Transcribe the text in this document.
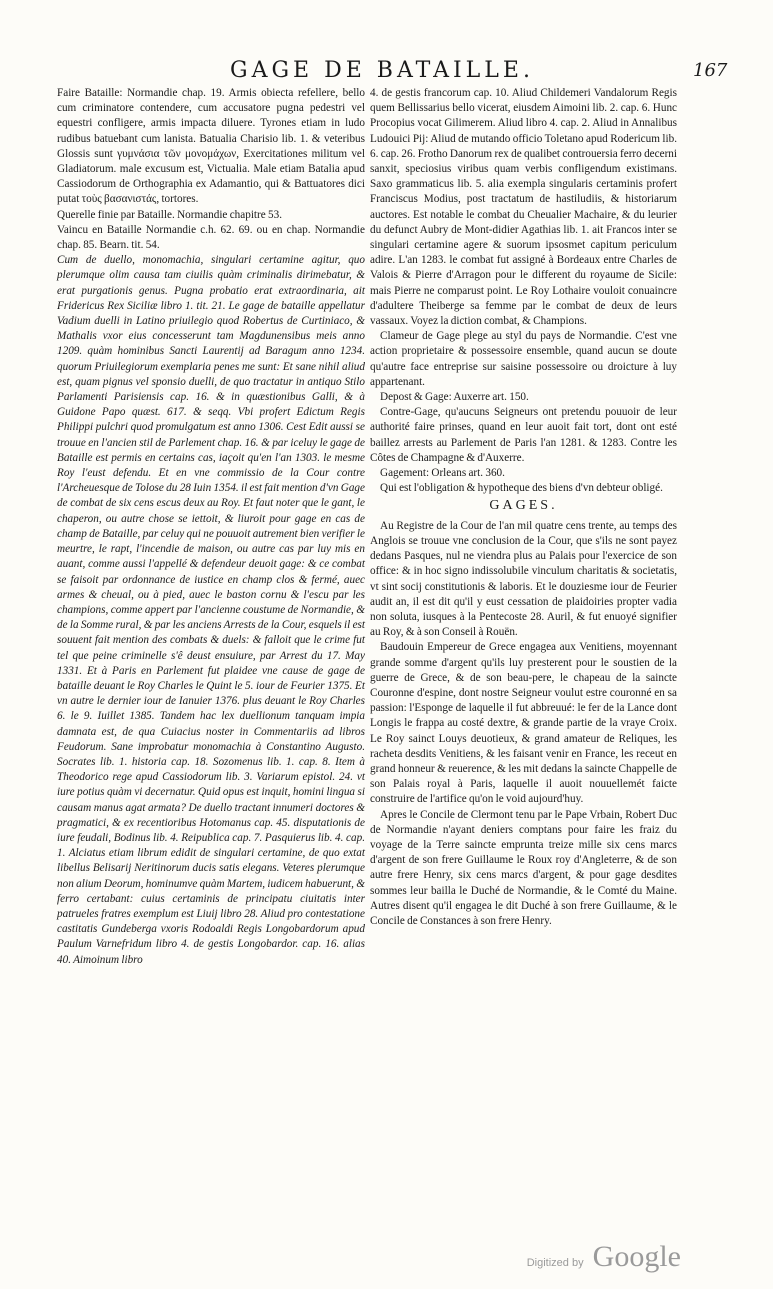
GAGE DE BATAILLE.	167

Faire Bataille: Normandie chap. 19. Armis obiecta refellere, bello cum criminatore contendere, cum accusatore pugna pedestri vel equestri confligere, armis impacta diluere. Tyrones etiam in ludo rudibus batuebant cum lanista. Batualia Charisio lib. 1. & veteribus Glossis sunt γυμνάσια τῶν μονομάχων, Exercitationes militum vel Gladiatorum. male excusum est, Victualia. Male etiam Batalia apud Cassiodorum de Orthographia ex Adamantio, qui & Battuatores dici putat τοὺς βασανιστάς, tortores.

Querelle finie par Bataille. Normandie chapitre 53.

Vaincu en Bataille Normandie c.h. 62. 69. ou en chap. Normandie chap. 85. Bearn. tit. 54.

Cum de duello, monomachia, singulari certamine agitur, quo plerumque olim causa tam ciuilis quàm criminalis dirimebatur, & erat purgationis genus. Pugna probatio erat extraordinaria, ait Fridericus Rex Siciliæ libro 1. tit. 21. Le gage de bataille appellatur Vadium duelli in Latino priuilegio quod Robertus de Curtiniaco, & Mathalis vxor eius concesserunt tam Magdunensibus meis anno 1209. quàm hominibus Sancti Laurentij ad Baragum anno 1234. quorum Priuilegiorum exemplaria penes me sunt: Et sane nihil aliud est, quam pignus vel sponsio duelli, de quo tractatur in antiquo Stilo Parlamenti Parisiensis cap. 16. & in quæstionibus Galli, & à Guidone Papo quæst. 617. & seqq. Vbi profert Edictum Regis Philippi pulchri quod promulgatum est anno 1306. Cest Edit aussi se trouue en l'ancien stil de Parlement chap. 16. & par iceluy le gage de Bataille est permis en certains cas, iaçoit qu'en l'an 1303. le mesme Roy l'eust defendu. Et en vne commissio de la Cour contre l'Archeuesque de Tolose du 28 Iuin 1354. il est fait mention d'vn Gage de combat de six cens escus deux au Roy. Et faut noter que le gant, le chaperon, ou autre chose se iettoit, & liuroit pour gage en cas de champ de Bataille, par celuy qui ne pouuoit autrement bien verifier le meurtre, le rapt, l'incendie de maison, ou autre cas par luy mis en auant, comme aussi l'appellé & defendeur deuoit gage: & ce combat se faisoit par ordonnance de iustice en champ clos & fermé, auec armes & cheual, ou à pied, auec le baston cornu & l'escu par les champions, comme appert par l'ancienne coustume de Normandie, & de la Somme rural, & par les anciens Arrests de la Cour, esquels il est souuent fait mention des combats & duels: & falloit que le crime fut tel que peine criminelle s'ê deust ensuiure, par Arrest du 17. May 1331. Et à Paris en Parlement fut plaidee vne cause de gage de bataille deuant le Roy Charles le Quint le 5. iour de Feurier 1375. Et vn autre le dernier iour de Ianuier 1376. plus deuant le Roy Charles 6. le 9. Iuillet 1385. Tandem hac lex duellionum tanquam impia damnata est, de qua Cuiacius noster in Commentariis ad libros Feudorum. Sane improbatur monomachia à Constantino Augusto. Socrates lib. 1. historia cap. 18. Sozomenus lib. 1. cap. 8. Item à Theodorico rege apud Cassiodorum lib. 3. Variarum epistol. 24. vt iure potius quàm vi decernatur. Quid opus est inquit, homini lingua si causam manus agat armata? De duello tractant innumeri doctores & pragmatici, & ex recentioribus Hotomanus cap. 45. disputationis de iure feudali, Bodinus lib. 4. Reipublica cap. 7. Pasquierus lib. 4. cap. 1. Alciatus etiam librum edidit de singulari certamine, de quo extat libellus Belisarij Neritinorum ducis satis elegans. Veteres plerumque non alium Deorum, hominumve quàm Martem, iudicem habuerunt, & ferro certabant: cuius certaminis de principatu ciuitatis inter patrueles fratres exemplum est Liuij libro 28. Aliud pro contestatione castitatis Gundeberga vxoris Rodoaldi Regis Longobardorum apud Paulum Varnefridum libro 4. de gestis Longobardor. cap. 16. alias 40. Aimoinum libro

4. de gestis francorum cap. 10. Aliud Childemeri Vandalorum Regis quem Bellissarius bello vicerat, eiusdem Aimoini lib. 2. cap. 6. Hunc Procopius vocat Gilimerem. Aliud libro 4. cap. 2. Aliud in Annalibus Ludouici Pij: Aliud de mutando officio Toletano apud Rodericum lib. 6. cap. 26. Frotho Danorum rex de qualibet controuersia ferro decerni sanxit, speciosius viribus quam verbis confligendum existimans. Saxo grammaticus lib. 5. alia exempla singularis certaminis profert Franciscus Modius, post tractatum de hastiludiis, & historiarum auctores. Est notable le combat du Cheualier Machaire, & du leurier du defunct Aubry de Mont-didier Agathias lib. 1. ait Francos inter se singulari certamine agere & suorum ipsosmet capitum periculum adire. L'an 1283. le combat fut assigné à Bordeaux entre Charles de Valois & Pierre d'Arragon pour le different du royaume de Sicile: mais Pierre ne comparust point. Le Roy Lothaire vouloit conuaincre d'adultere Theiberge sa femme par le combat de deux de leurs vassaux. Voyez la diction combat, & Champions.

Clameur de Gage plege au styl du pays de Normandie. C'est vne action proprietaire & possessoire ensemble, quand aucun se doute qu'autre face entreprise sur saisine possessoire ou droicture à luy appartenant.

Depost & Gage: Auxerre art. 150.

Contre-Gage, qu'aucuns Seigneurs ont pretendu pouuoir de leur authorité faire prinses, quand en leur auoit fait tort, dont ont esté baillez arrests au Parlement de Paris l'an 1281. & 1283. Contre les Côtes de Champagne & d'Auxerre.

Gagement: Orleans art. 360.

Qui est l'obligation & hypotheque des biens d'vn debteur obligé.

GAGES.

Au Registre de la Cour de l'an mil quatre cens trente, au temps des Anglois se trouue vne conclusion de la Cour, que s'ils ne sont payez dedans Pasques, nul ne viendra plus au Palais pour l'exercice de son office: & in hoc signo indissolubile vinculum charitatis & societatis, vt sint socij constitutionis & laboris. Et le douziesme iour de Feurier audit an, il est dit qu'il y eust cessation de plaidoiries propter vadia non soluta, iusques à la Pentecoste 28. Auril, & fut enuoyé signifier au Roy, & à son Conseil à Rouën.

Baudouin Empereur de Grece engagea aux Venitiens, moyennant grande somme d'argent qu'ils luy presterent pour le soustien de la guerre de Grece, & de son beau-pere, le chapeau de la saincte Couronne d'espine, dont nostre Seigneur voulut estre couronné en sa passion: l'Esponge de laquelle il fut abbreuué: le fer de la Lance dont Longis le frappa au costé dextre, & grande partie de la vraye Croix. Le Roy sainct Louys deuotieux, & grand amateur de Reliques, les racheta desdits Venitiens, & les faisant venir en France, les receut en grand honneur & reuerence, & les mit dedans la saincte Chappelle de son Palais royal à Paris, laquelle il auoit nouuellemét faicte construire de l'artifice qu'on le void aujourd'huy.

Apres le Concile de Clermont tenu par le Pape Vrbain, Robert Duc de Normandie n'ayant deniers comptans pour faire les fraiz du voyage de la Terre saincte emprunta treize mille six cens marcs d'argent de son frere Guillaume le Roux roy d'Angleterre, & de son autre frere Henry, six cens marcs d'argent, & pour gage desdites sommes leur bailla le Duché de Normandie, & le Comté du Maine. Autres disent qu'il engagea le dit Duché à son frere Guillaume, & le Concile de Constances à son frere Henry.

Digitized by Google
